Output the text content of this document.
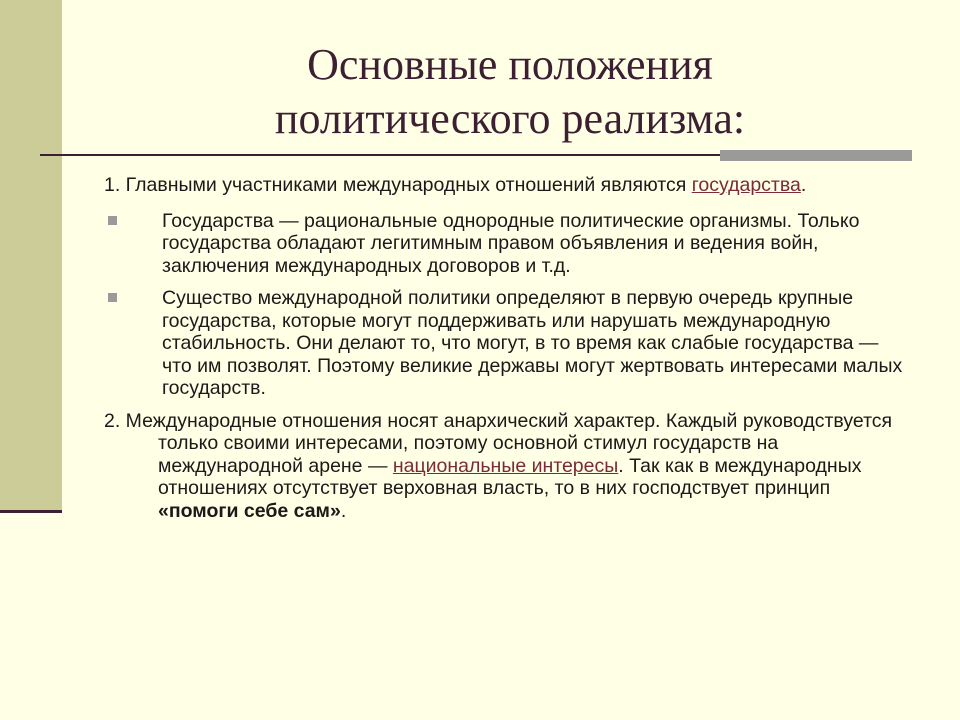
Основные положения
политического реализма:

1. Главными участниками международных отношений являются государства.

Государства — рациональные однородные политические организмы. Только государства обладают легитимным правом объявления и ведения войн, заключения международных договоров и т.д.

Существо международной политики определяют в первую очередь крупные государства, которые могут поддерживать или нарушать международную стабильность. Они делают то, что могут, в то время как слабые государства — что им позволят. Поэтому великие державы могут жертвовать интересами малых государств.

2. Международные отношения носят анархический характер. Каждый руководствуется только своими интересами, поэтому основной стимул государств на международной арене — национальные интересы. Так как в международных отношениях отсутствует верховная власть, то в них господствует принцип «помоги себе сам».
